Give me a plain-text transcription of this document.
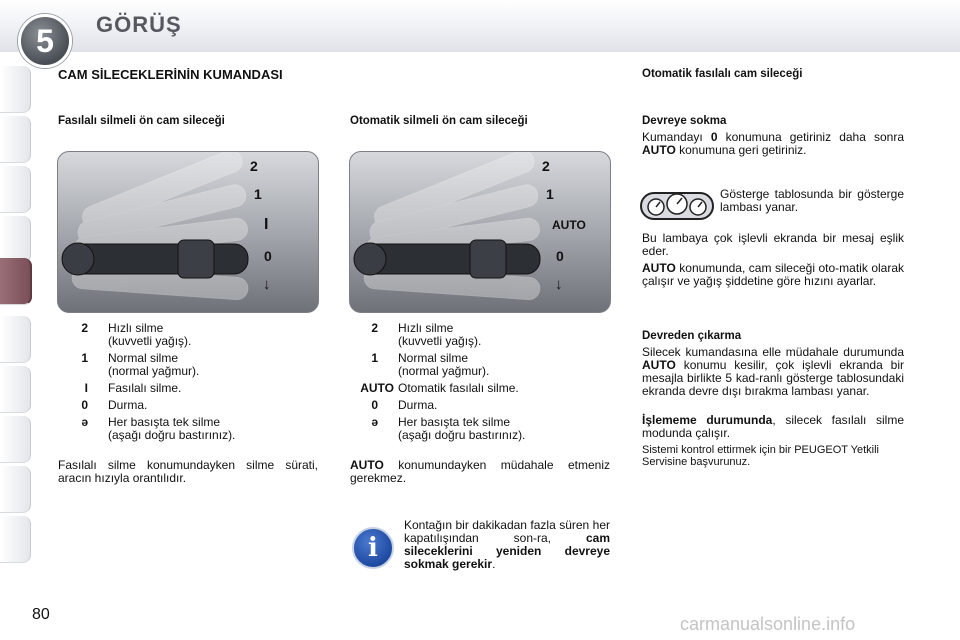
5	GÖRÜŞ
CAM SİLECEKLERİNİN KUMANDASI
Fasılalı silmeli ön cam sileceği
2
1
I
0
↓
2 Hızlı silme
(kuvvetli yağış).
1 Normal silme
(normal yağmur).
I Fasılalı silme.
0 Durma.
ǝ Her basışta tek silme
(aşağı doğru bastırınız).
Fasılalı silme konumundayken silme sürati, aracın hızıyla orantılıdır.
Otomatik silmeli ön cam sileceği
2
1
AUTO
0
↓
2 Hızlı silme
(kuvvetli yağış).
1 Normal silme
(normal yağmur).
AUTO Otomatik fasılalı silme.
0 Durma.
ǝ Her basışta tek silme
(aşağı doğru bastırınız).
AUTO konumundayken müdahale etmeniz gerekmez.
i
Kontağın bir dakikadan fazla süren her kapatılışından son-ra, cam sileceklerini yeniden devreye sokmak gerekir.
Otomatik fasılalı cam sileceği
Devreye sokma
Kumandayı 0 konumuna getiriniz daha sonra AUTO konumuna geri getiriniz.
Gösterge tablosunda bir gösterge lambası yanar.
Bu lambaya çok işlevli ekranda bir mesaj eşlik eder.
AUTO konumunda, cam sileceği oto-matik olarak çalışır ve yağış şiddetine göre hızını ayarlar.
Devreden çıkarma
Silecek kumandasına elle müdahale durumunda AUTO konumu kesilir, çok işlevli ekranda bir mesajla birlikte 5 kad-ranlı gösterge tablosundaki ekranda devre dışı bırakma lambası yanar.
İşlememe durumunda, silecek fasılalı silme modunda çalışır.
Sistemi kontrol ettirmek için bir PEUGEOT Yetkili Servisine başvurunuz.
80	carmanualsonline.info
